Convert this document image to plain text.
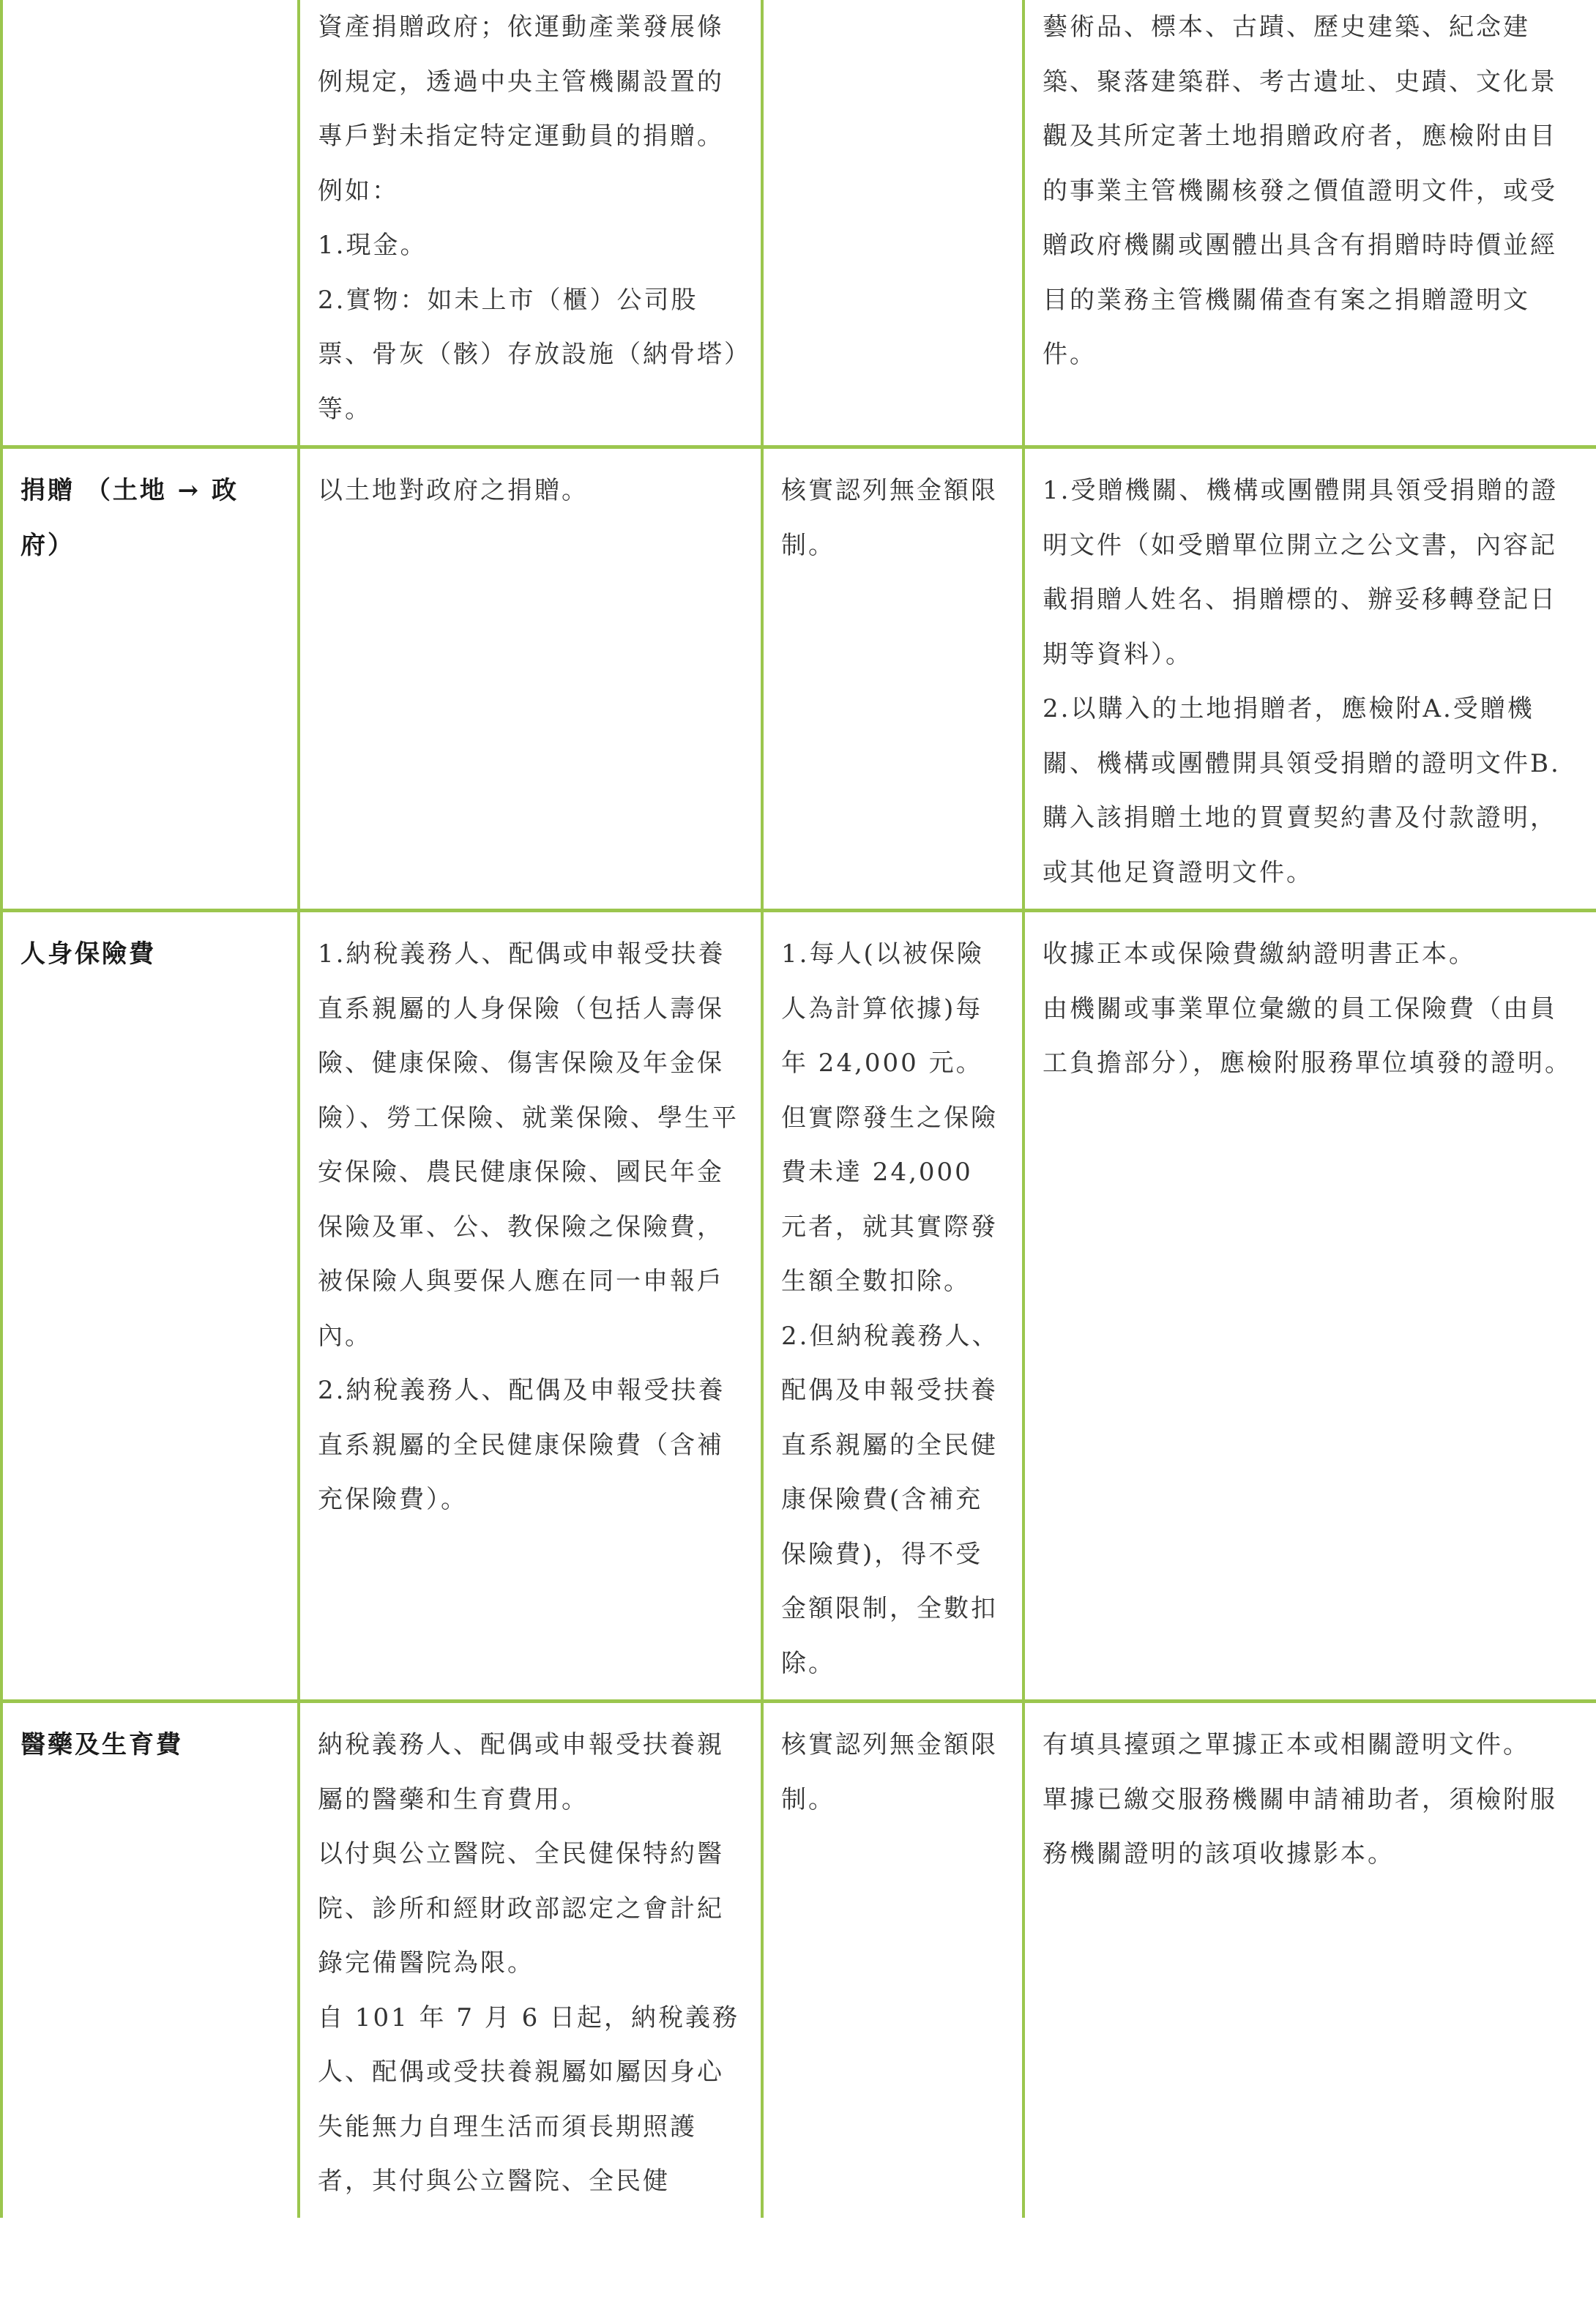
	資產捐贈政府；依運動產業發展條例規定，透過中央主管機關設置的專戶對未指定特定運動員的捐贈。
例如：
1.現金。
2.實物：如未上市（櫃）公司股票、骨灰（骸）存放設施（納骨塔）等。		藝術品、標本、古蹟、歷史建築、紀念建築、聚落建築群、考古遺址、史蹟、文化景觀及其所定著土地捐贈政府者，應檢附由目的事業主管機關核發之價值證明文件，或受贈政府機關或團體出具含有捐贈時時價並經目的業務主管機關備查有案之捐贈證明文件。

捐贈 （土地 → 政府）	以土地對政府之捐贈。	核實認列無金額限制。	1.受贈機關、機構或團體開具領受捐贈的證明文件（如受贈單位開立之公文書，內容記載捐贈人姓名、捐贈標的、辦妥移轉登記日期等資料）。
2.以購入的土地捐贈者，應檢附A.受贈機關、機構或團體開具領受捐贈的證明文件B.購入該捐贈土地的買賣契約書及付款證明，或其他足資證明文件。

人身保險費	1.納稅義務人、配偶或申報受扶養直系親屬的人身保險（包括人壽保險、健康保險、傷害保險及年金保險）、勞工保險、就業保險、學生平安保險、農民健康保險、國民年金保險及軍、公、教保險之保險費，被保險人與要保人應在同一申報戶內。
2.納稅義務人、配偶及申報受扶養直系親屬的全民健康保險費（含補充保險費）。	1.每人(以被保險人為計算依據)每年 24,000 元。但實際發生之保險費未達 24,000 元者，就其實際發生額全數扣除。
2.但納稅義務人、配偶及申報受扶養直系親屬的全民健康保險費(含補充保險費)，得不受金額限制，全數扣除。	收據正本或保險費繳納證明書正本。
由機關或事業單位彙繳的員工保險費（由員工負擔部分），應檢附服務單位填發的證明。

醫藥及生育費	納稅義務人、配偶或申報受扶養親屬的醫藥和生育費用。
以付與公立醫院、全民健保特約醫院、診所和經財政部認定之會計紀錄完備醫院為限。
自 101 年 7 月 6 日起，納稅義務人、配偶或受扶養親屬如屬因身心失能無力自理生活而須長期照護者，其付與公立醫院、全民健	核實認列無金額限制。	有填具擡頭之單據正本或相關證明文件。
單據已繳交服務機關申請補助者，須檢附服務機關證明的該項收據影本。
